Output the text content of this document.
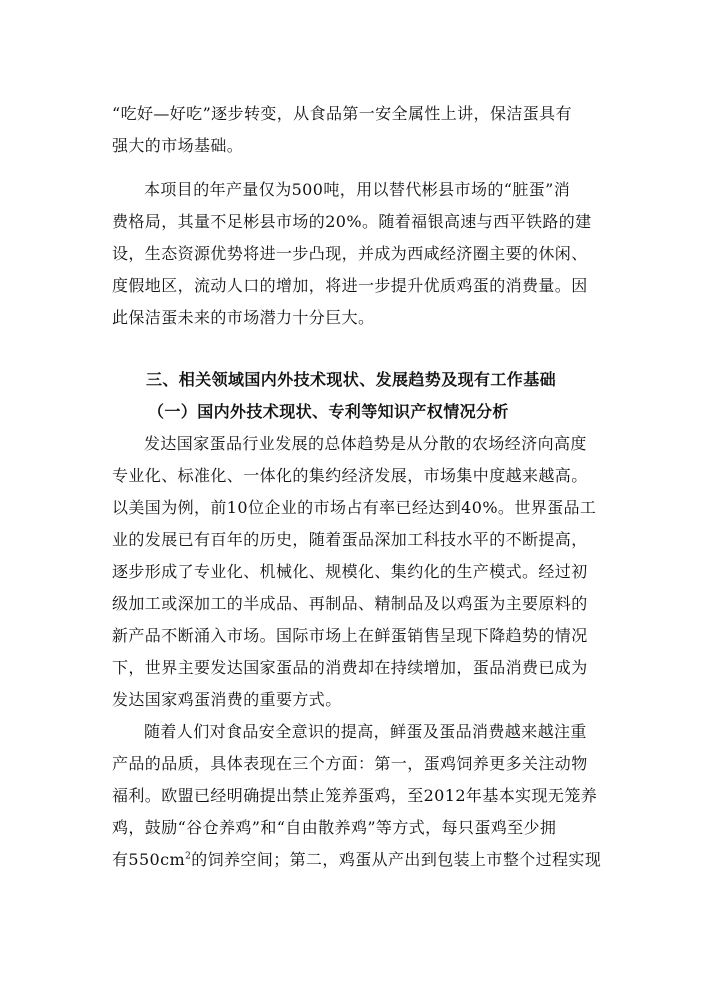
“吃好—好吃”逐步转变，从食品第一安全属性上讲，保洁蛋具有
强大的市场基础。
本项目的年产量仅为500吨，用以替代彬县市场的“脏蛋”消
费格局，其量不足彬县市场的20%。随着福银高速与西平铁路的建
设，生态资源优势将进一步凸现，并成为西咸经济圈主要的休闲、
度假地区，流动人口的增加，将进一步提升优质鸡蛋的消费量。因
此保洁蛋未来的市场潜力十分巨大。
三、相关领域国内外技术现状、发展趋势及现有工作基础
（一）国内外技术现状、专利等知识产权情况分析
发达国家蛋品行业发展的总体趋势是从分散的农场经济向高度
专业化、标准化、一体化的集约经济发展，市场集中度越来越高。
以美国为例，前10位企业的市场占有率已经达到40%。世界蛋品工
业的发展已有百年的历史，随着蛋品深加工科技水平的不断提高，
逐步形成了专业化、机械化、规模化、集约化的生产模式。经过初
级加工或深加工的半成品、再制品、精制品及以鸡蛋为主要原料的
新产品不断涌入市场。国际市场上在鲜蛋销售呈现下降趋势的情况
下，世界主要发达国家蛋品的消费却在持续增加，蛋品消费已成为
发达国家鸡蛋消费的重要方式。
随着人们对食品安全意识的提高，鲜蛋及蛋品消费越来越注重
产品的品质，具体表现在三个方面：第一，蛋鸡饲养更多关注动物
福利。欧盟已经明确提出禁止笼养蛋鸡，至2012年基本实现无笼养
鸡，鼓励“谷仓养鸡”和“自由散养鸡”等方式，每只蛋鸡至少拥
有$550cm^2$的饲养空间；第二，鸡蛋从产出到包装上市整个过程实现
